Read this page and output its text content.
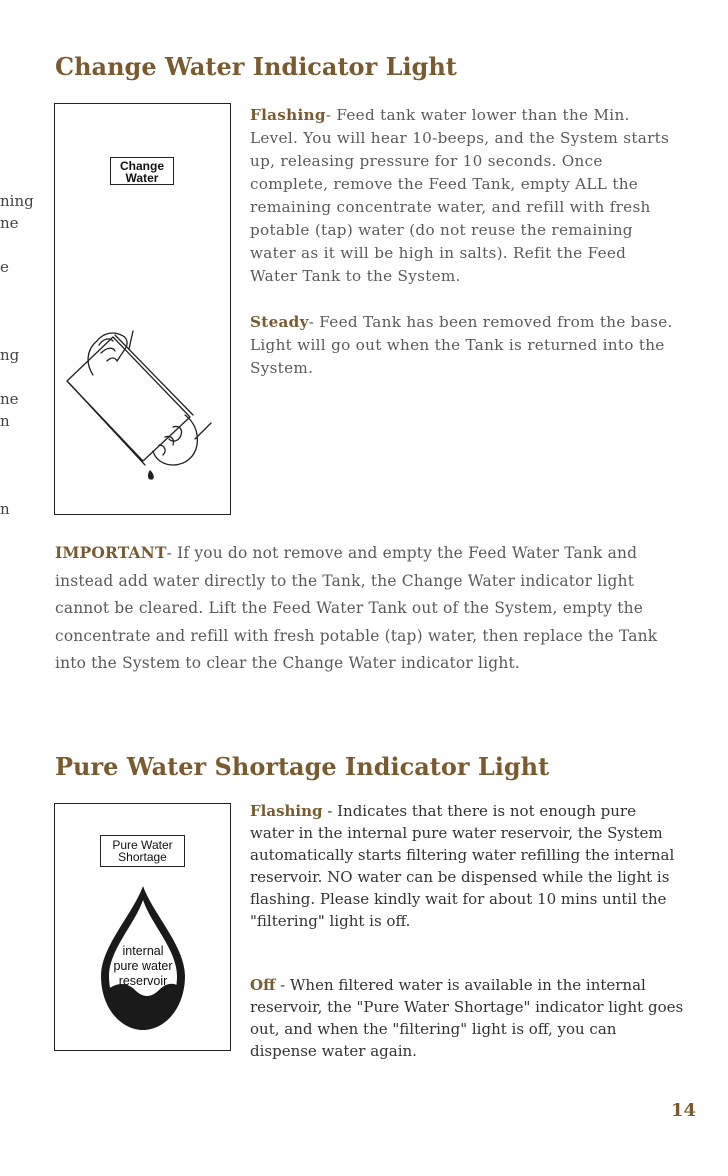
ning
ne
e
ng
ne
n
n
Change Water Indicator Light
Change
Water

Flashing- Feed tank water lower than the Min. Level. You will hear 10-beeps, and the System starts up, releasing pressure for 10 seconds. Once complete, remove the Feed Tank, empty ALL the remaining concentrate water, and refill with fresh potable (tap) water (do not reuse the remaining water as it will be high in salts). Refit the Feed Water Tank to the System.

Steady- Feed Tank has been removed from the base. Light will go out when the Tank is returned into the System.

IMPORTANT- If you do not remove and empty the Feed Water Tank and instead add water directly to the Tank, the Change Water indicator light cannot be cleared. Lift the Feed Water Tank out of the System, empty the concentrate and refill with fresh potable (tap) water, then replace the Tank into the System to clear the Change Water indicator light.

Pure Water Shortage Indicator Light
Pure Water
Shortage
internal
pure water
reservoir

Flashing - Indicates that there is not enough pure water in the internal pure water reservoir, the System automatically starts filtering water refilling the internal reservoir. NO water can be dispensed while the light is flashing. Please kindly wait for about 10 mins until the "filtering" light is off.

Off - When filtered water is available in the internal reservoir, the "Pure Water Shortage" indicator light goes out, and when the "filtering" light is off, you can dispense water again.

14
